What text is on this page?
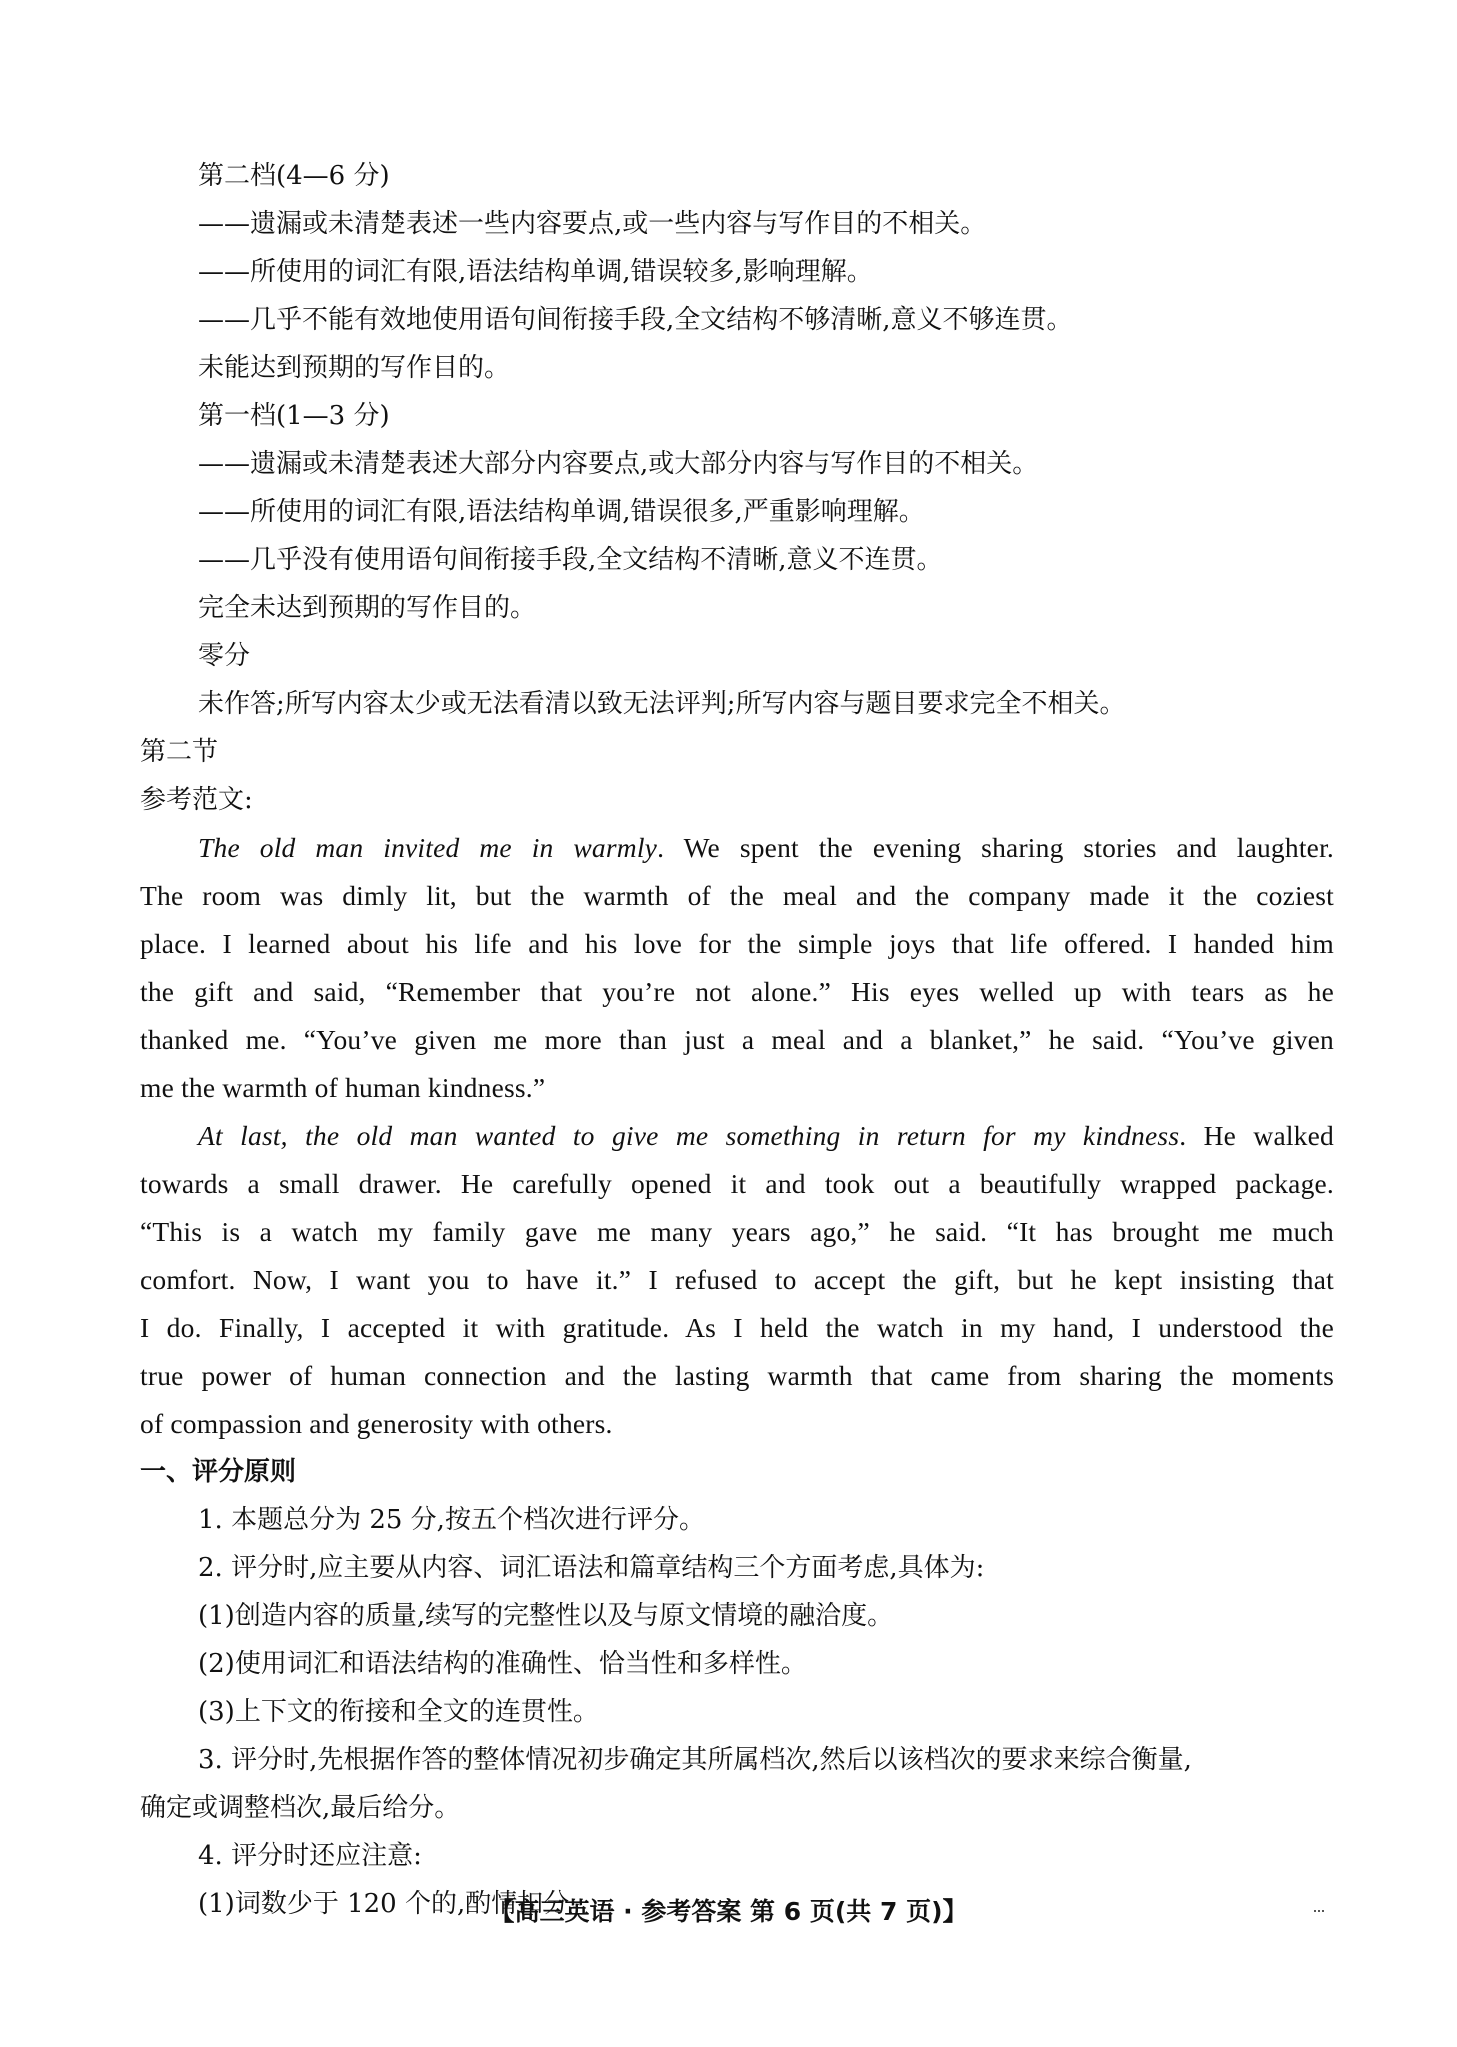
第二档(4—6 分)
——遗漏或未清楚表述一些内容要点,或一些内容与写作目的不相关。
——所使用的词汇有限,语法结构单调,错误较多,影响理解。
——几乎不能有效地使用语句间衔接手段,全文结构不够清晰,意义不够连贯。
未能达到预期的写作目的。
第一档(1—3 分)
——遗漏或未清楚表述大部分内容要点,或大部分内容与写作目的不相关。
——所使用的词汇有限,语法结构单调,错误很多,严重影响理解。
——几乎没有使用语句间衔接手段,全文结构不清晰,意义不连贯。
完全未达到预期的写作目的。
零分
未作答;所写内容太少或无法看清以致无法评判;所写内容与题目要求完全不相关。
第二节
参考范文:
The old man invited me in warmly. We spent the evening sharing stories and laughter.
The room was dimly lit, but the warmth of the meal and the company made it the coziest
place. I learned about his life and his love for the simple joys that life offered. I handed him
the gift and said, “Remember that you’re not alone.” His eyes welled up with tears as he
thanked me. “You’ve given me more than just a meal and a blanket,” he said. “You’ve given
me the warmth of human kindness.”
At last, the old man wanted to give me something in return for my kindness. He walked
towards a small drawer. He carefully opened it and took out a beautifully wrapped package.
“This is a watch my family gave me many years ago,” he said. “It has brought me much
comfort. Now, I want you to have it.” I refused to accept the gift, but he kept insisting that
I do. Finally, I accepted it with gratitude. As I held the watch in my hand, I understood the
true power of human connection and the lasting warmth that came from sharing the moments
of compassion and generosity with others.
一、评分原则
1. 本题总分为 25 分,按五个档次进行评分。
2. 评分时,应主要从内容、词汇语法和篇章结构三个方面考虑,具体为:
(1)创造内容的质量,续写的完整性以及与原文情境的融洽度。
(2)使用词汇和语法结构的准确性、恰当性和多样性。
(3)上下文的衔接和全文的连贯性。
3. 评分时,先根据作答的整体情况初步确定其所属档次,然后以该档次的要求来综合衡量,
确定或调整档次,最后给分。
4. 评分时还应注意:
(1)词数少于 120 个的,酌情扣分。
【高三英语 · 参考答案 第 6 页(共 7 页)】
